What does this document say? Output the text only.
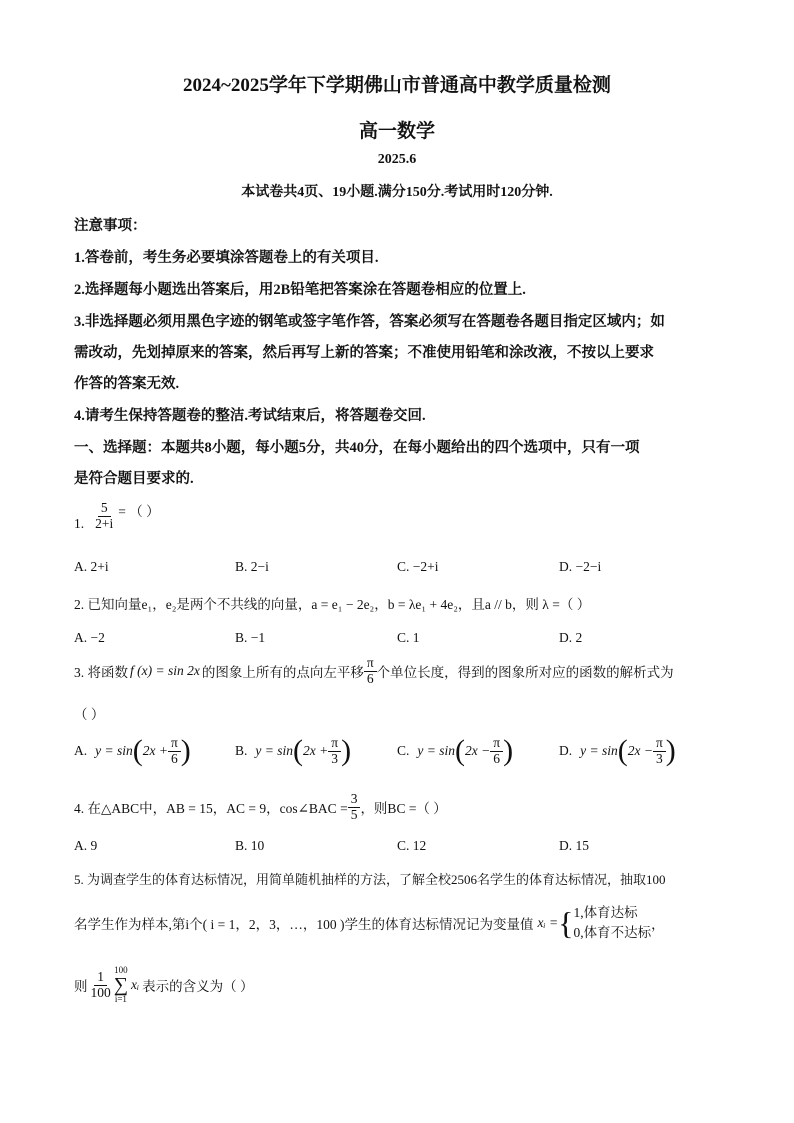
2024~2025学年下学期佛山市普通高中教学质量检测
高一数学
2025.6
本试卷共4页、19小题.满分150分.考试用时120分钟.
注意事项：
1.答卷前，考生务必要填涂答题卷上的有关项目.
2.选择题每小题选出答案后，用2B铅笔把答案涂在答题卷相应的位置上.
3.非选择题必须用黑色字迹的钢笔或签字笔作答，答案必须写在答题卷各题目指定区域内；如
需改动，先划掉原来的答案，然后再写上新的答案；不准使用铅笔和涂改液，不按以上要求
作答的答案无效.
4.请考生保持答题卷的整洁.考试结束后，将答题卷交回.
一、选择题：本题共8小题，每小题5分，共40分，在每小题给出的四个选项中，只有一项
是符合题目要求的.
1. $\frac{5}{2+i}$ = （ ）
A. 2+i	B. 2−i	C. −2+i	D. −2−i
2. 已知向量e₁，e₂是两个不共线的向量，a = e₁ − 2e₂，b = λe₁ + 4e₂，且a // b，则 λ =（ ）
A. −2	B. −1	C. 1	D. 2
3. 将函数 f (x) = sin 2x 的图象上所有的点向左平移 $\frac{\pi}{6}$ 个单位长度，得到的图象所对应的函数的解析式为
（ ）
A. y = sin ( $2x + \frac{\pi}{6}$ )	B. y = sin ( $2x + \frac{\pi}{3}$ )	C. y = sin ( $2x - \frac{\pi}{6}$ )	D. y = sin ( $2x - \frac{\pi}{3}$ )
4. 在△ABC中，AB = 15，AC = 9，cos∠BAC = $\frac{3}{5}$ ，则BC =（ ）
A. 9	B. 10	C. 12	D. 15
5. 为调查学生的体育达标情况，用简单随机抽样的方法，了解全校2506名学生的体育达标情况，抽取100
名学生作为样本,第i个( i = 1，2，3，…，100 )学生的体育达标情况记为变量值 xᵢ = { 1,体育达标
0,体育不达标
，
则 $\frac{1}{100} 100$
∑
i=1
xᵢ 表示的含义为（ ）
